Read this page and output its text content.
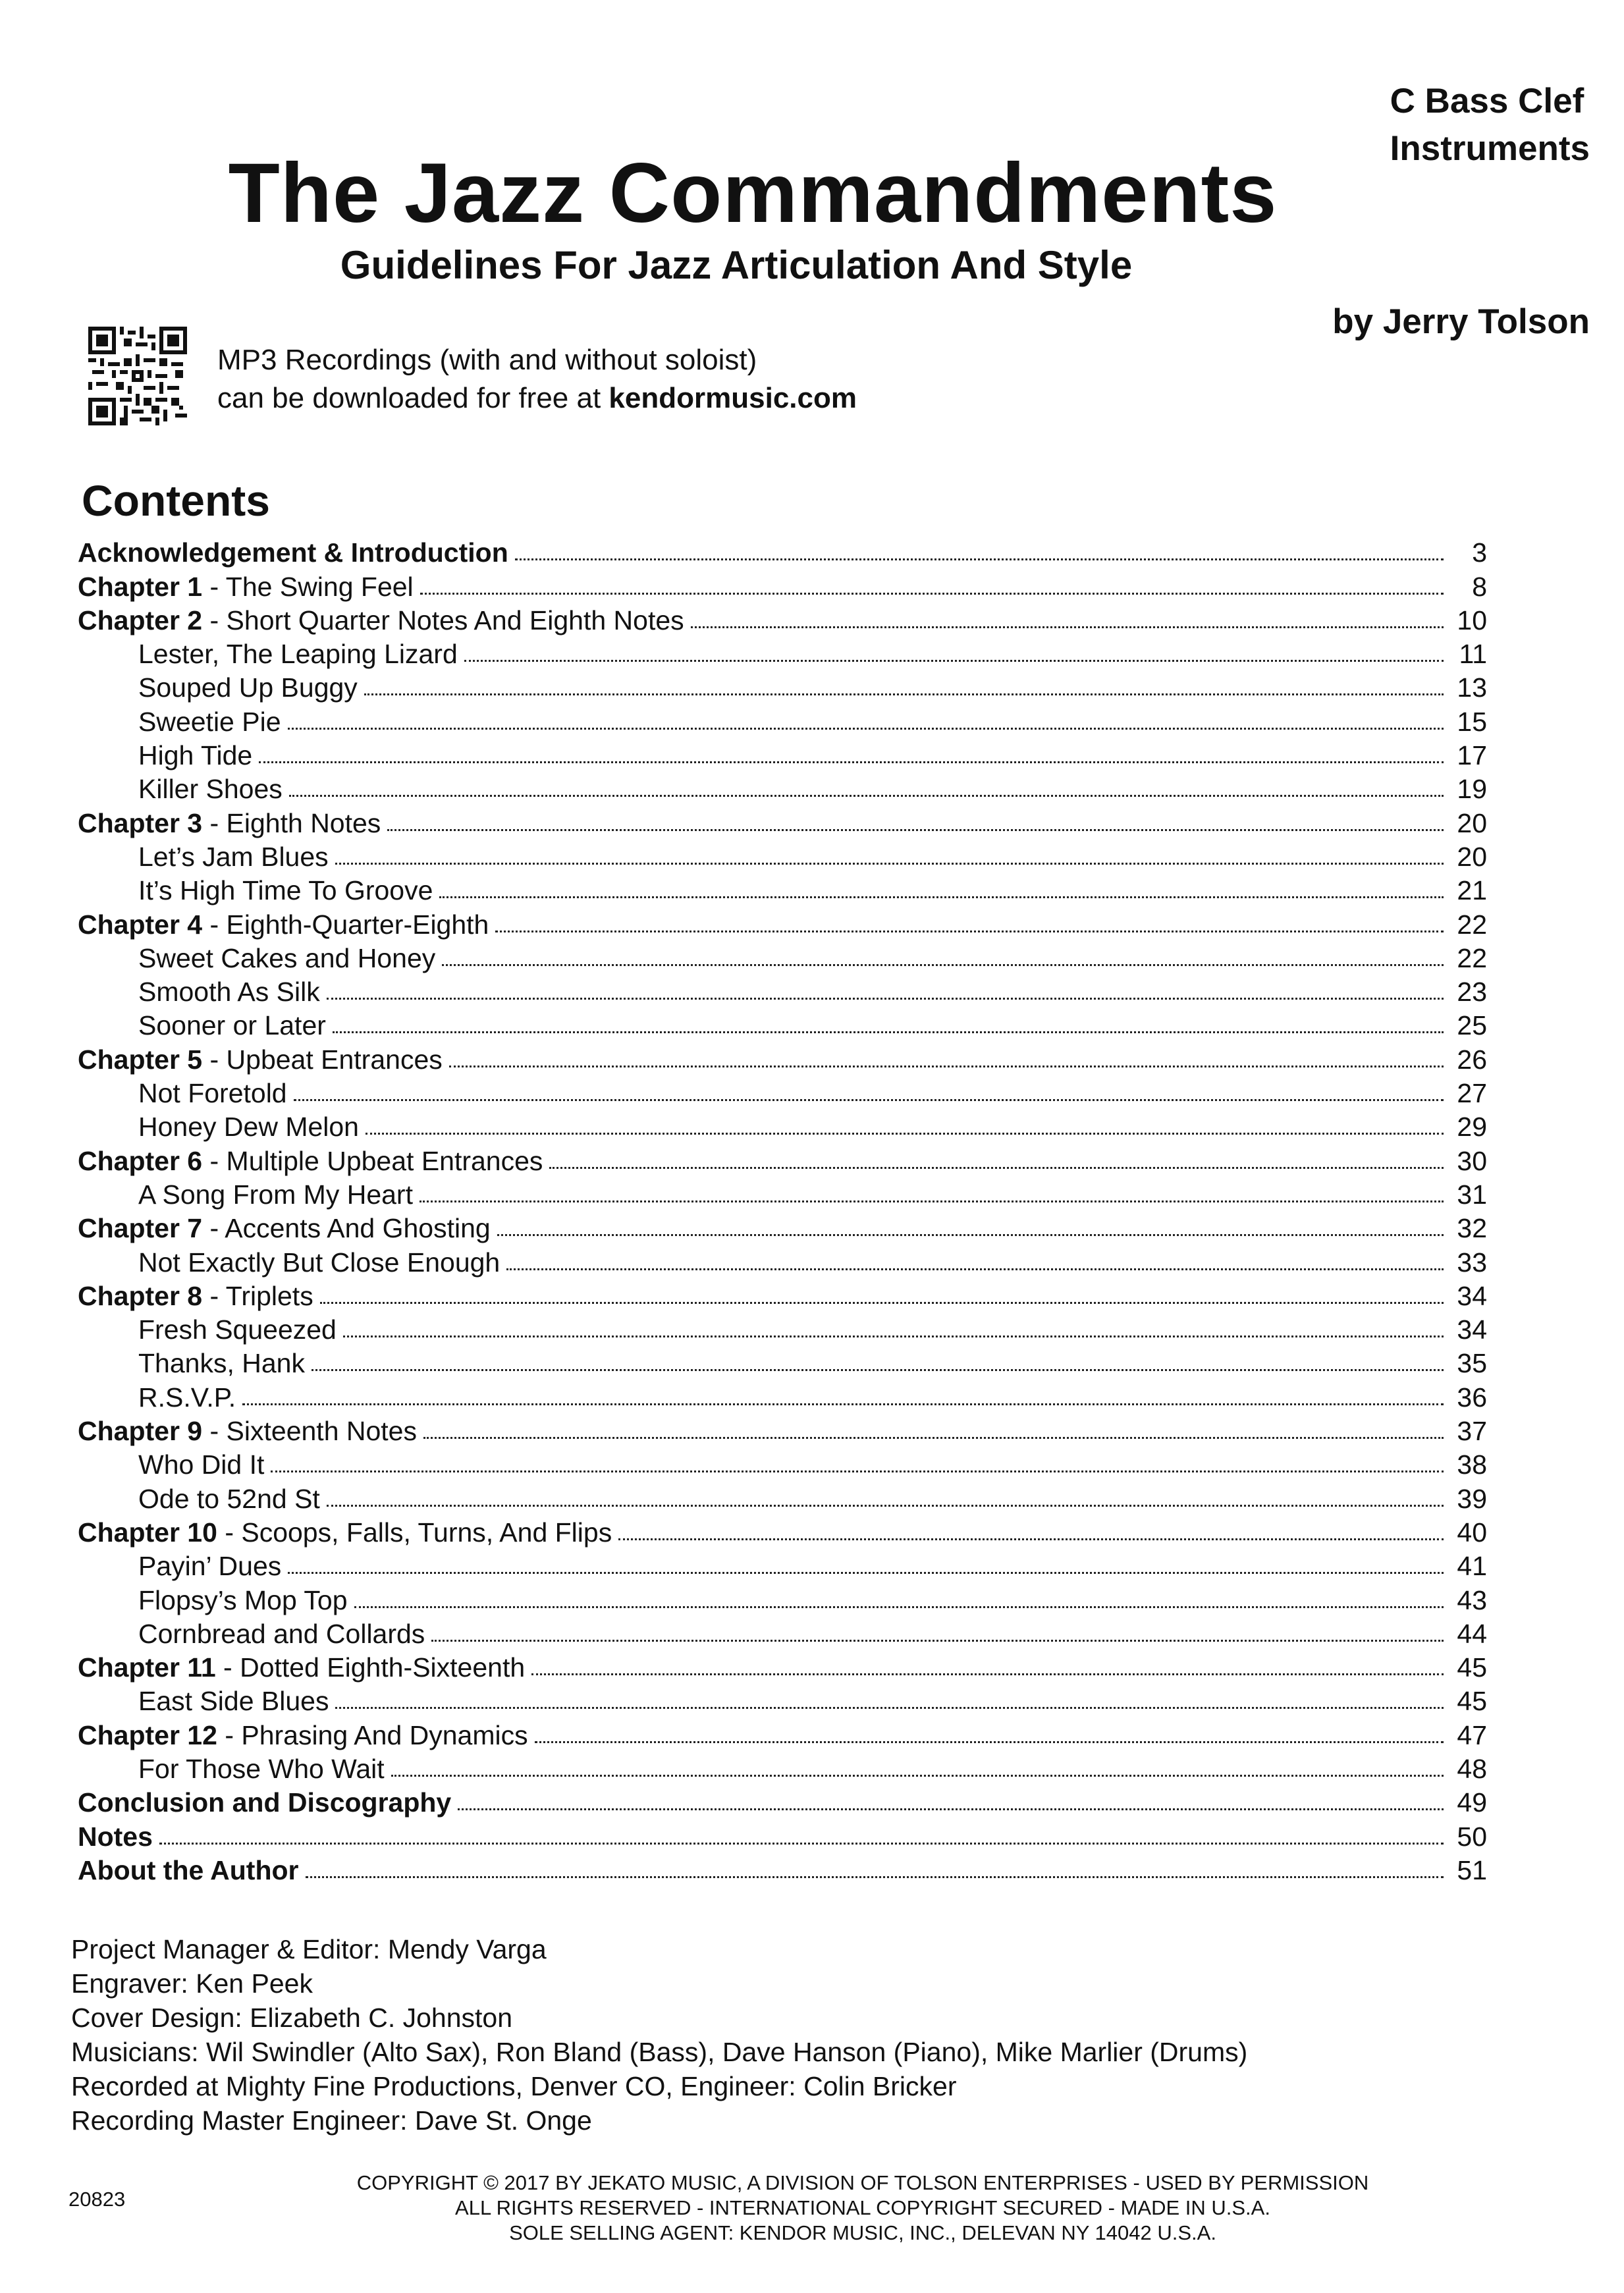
C Bass Clef
Instruments
The Jazz Commandments
Guidelines For Jazz Articulation And Style
by Jerry Tolson
MP3 Recordings (with and without soloist)
can be downloaded for free at kendormusic.com
Contents
Acknowledgement & Introduction	3
Chapter 1 - The Swing Feel	8
Chapter 2 - Short Quarter Notes And Eighth Notes	10
Lester, The Leaping Lizard	11
Souped Up Buggy	13
Sweetie Pie	15
High Tide	17
Killer Shoes	19
Chapter 3 - Eighth Notes	20
Let’s Jam Blues	20
It’s High Time To Groove	21
Chapter 4 - Eighth-Quarter-Eighth	22
Sweet Cakes and Honey	22
Smooth As Silk	23
Sooner or Later	25
Chapter 5 - Upbeat Entrances	26
Not Foretold	27
Honey Dew Melon	29
Chapter 6 - Multiple Upbeat Entrances	30
A Song From My Heart	31
Chapter 7 - Accents And Ghosting	32
Not Exactly But Close Enough	33
Chapter 8 - Triplets	34
Fresh Squeezed	34
Thanks, Hank	35
R.S.V.P.	36
Chapter 9 - Sixteenth Notes	37
Who Did It	38
Ode to 52nd St	39
Chapter 10 - Scoops, Falls, Turns, And Flips	40
Payin’ Dues	41
Flopsy’s Mop Top	43
Cornbread and Collards	44
Chapter 11 - Dotted Eighth-Sixteenth	45
East Side Blues	45
Chapter 12 - Phrasing And Dynamics	47
For Those Who Wait	48
Conclusion and Discography	49
Notes	50
About the Author	51
Project Manager & Editor: Mendy Varga
Engraver: Ken Peek
Cover Design: Elizabeth C. Johnston
Musicians: Wil Swindler (Alto Sax), Ron Bland (Bass), Dave Hanson (Piano), Mike Marlier (Drums)
Recorded at Mighty Fine Productions, Denver CO, Engineer: Colin Bricker
Recording Master Engineer: Dave St. Onge
20823
COPYRIGHT © 2017 BY JEKATO MUSIC, A DIVISION OF TOLSON ENTERPRISES - USED BY PERMISSION
ALL RIGHTS RESERVED - INTERNATIONAL COPYRIGHT SECURED - MADE IN U.S.A.
SOLE SELLING AGENT: KENDOR MUSIC, INC., DELEVAN NY 14042 U.S.A.
